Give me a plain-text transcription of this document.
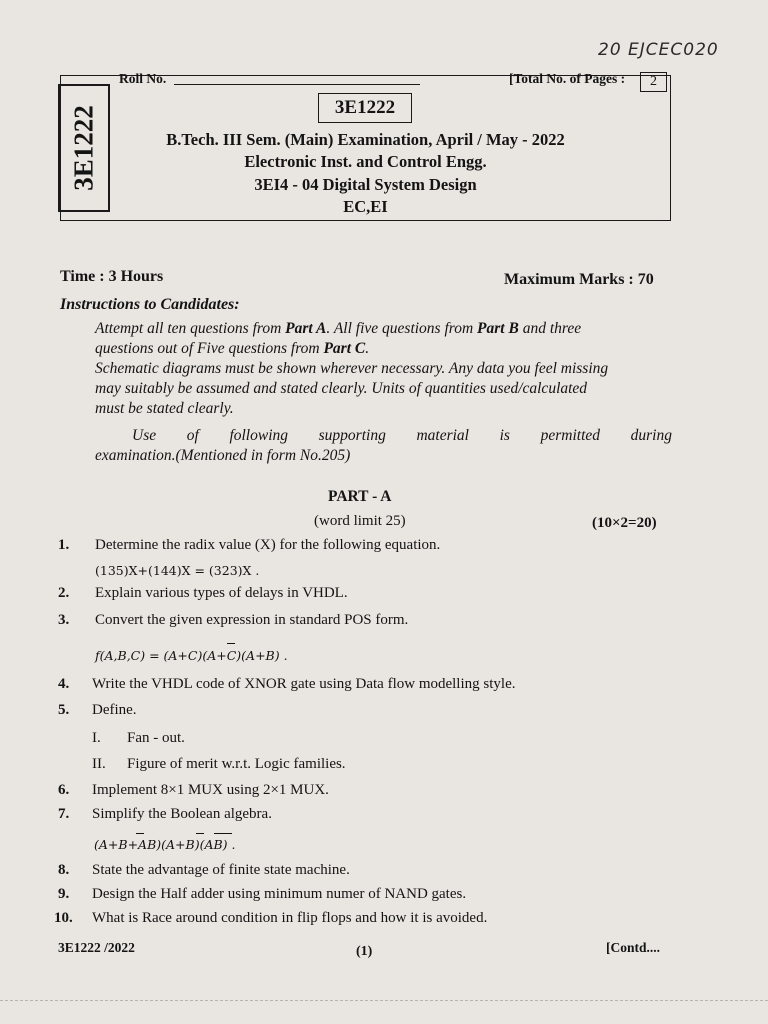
20 EJCEC020
3E1222
Roll No.	[Total No. of Pages :	2
3E1222
B.Tech. III Sem. (Main) Examination, April / May - 2022
Electronic Inst. and Control Engg.
3EI4 - 04 Digital System Design
EC,EI
Time : 3 Hours	Maximum Marks : 70
Instructions to Candidates:
Attempt all ten questions from Part A. All five questions from Part B and three
questions out of Five questions from Part C.
Schematic diagrams must be shown wherever necessary. Any data you feel missing
may suitably be assumed and stated clearly. Units of quantities used/calculated
must be stated clearly.
Use of following supporting material is permitted during
examination.(Mentioned in form No.205)
PART - A
(word limit 25)	(10×2=20)
1. Determine the radix value (X) for the following equation.
(135)X+(144)X = (323)X .
2. Explain various types of delays in VHDL.
3. Convert the given expression in standard POS form.
f(A,B,C) = (A+C)(A+C)(A+B) .
4. Write the VHDL code of XNOR gate using Data flow modelling style.
5. Define.
I. Fan - out.
II. Figure of merit w.r.t. Logic families.
6. Implement 8×1 MUX using 2×1 MUX.
7. Simplify the Boolean algebra.
(A+B+AB)(A+B)(AB) .
8. State the advantage of finite state machine.
9. Design the Half adder using minimum numer of NAND gates.
10. What is Race around condition in flip flops and how it is avoided.
3E1222 /2022	(1)	[Contd....
